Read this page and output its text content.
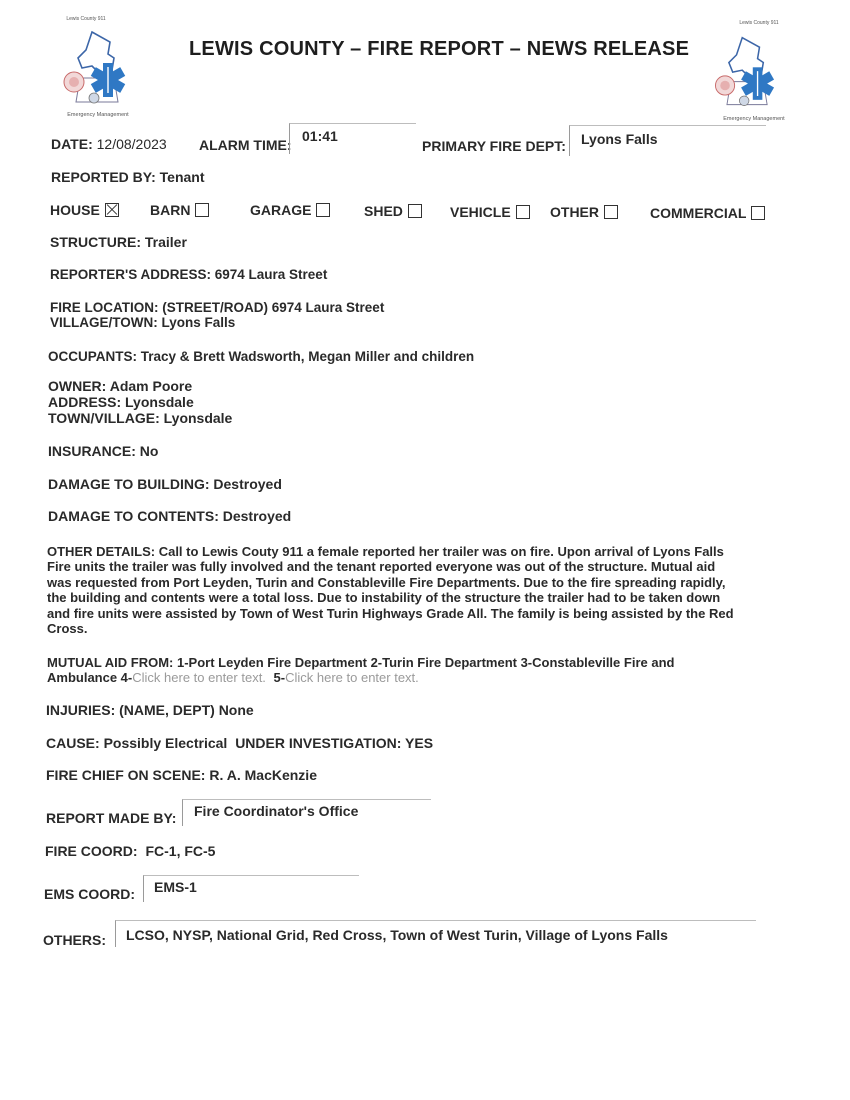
Lewis County 911
Emergency Management
LEWIS COUNTY – FIRE REPORT – NEWS RELEASE
Lewis County 911
Emergency Management
DATE: 12/08/2023 ALARM TIME:
01:41
PRIMARY FIRE DEPT: Lyons Falls
REPORTED BY: Tenant
HOUSE	BARN	GARAGE	SHED	VEHICLE	OTHER	COMMERCIAL
STRUCTURE: Trailer
REPORTER'S ADDRESS: 6974 Laura Street
FIRE LOCATION: (STREET/ROAD) 6974 Laura Street
VILLAGE/TOWN: Lyons Falls
OCCUPANTS: Tracy & Brett Wadsworth, Megan Miller and children
OWNER: Adam Poore
ADDRESS: Lyonsdale
TOWN/VILLAGE: Lyonsdale
INSURANCE: No
DAMAGE TO BUILDING: Destroyed
DAMAGE TO CONTENTS: Destroyed
OTHER DETAILS: Call to Lewis Couty 911 a female reported her trailer was on fire. Upon arrival of Lyons Falls
Fire units the trailer was fully involved and the tenant reported everyone was out of the structure. Mutual aid
was requested from Port Leyden, Turin and Constableville Fire Departments. Due to the fire spreading rapidly,
the building and contents were a total loss. Due to instability of the structure the trailer had to be taken down
and fire units were assisted by Town of West Turin Highways Grade All. The family is being assisted by the Red
Cross.
MUTUAL AID FROM: 1-Port Leyden Fire Department 2-Turin Fire Department 3-Constableville Fire and
Ambulance 4-Click here to enter text. 5-Click here to enter text.
INJURIES: (NAME, DEPT) None
CAUSE: Possibly Electrical UNDER INVESTIGATION: YES
FIRE CHIEF ON SCENE: R. A. MacKenzie
REPORT MADE BY: Fire Coordinator's Office
FIRE COORD: FC-1, FC-5
EMS COORD: EMS-1
OTHERS: LCSO, NYSP, National Grid, Red Cross, Town of West Turin, Village of Lyons Falls
